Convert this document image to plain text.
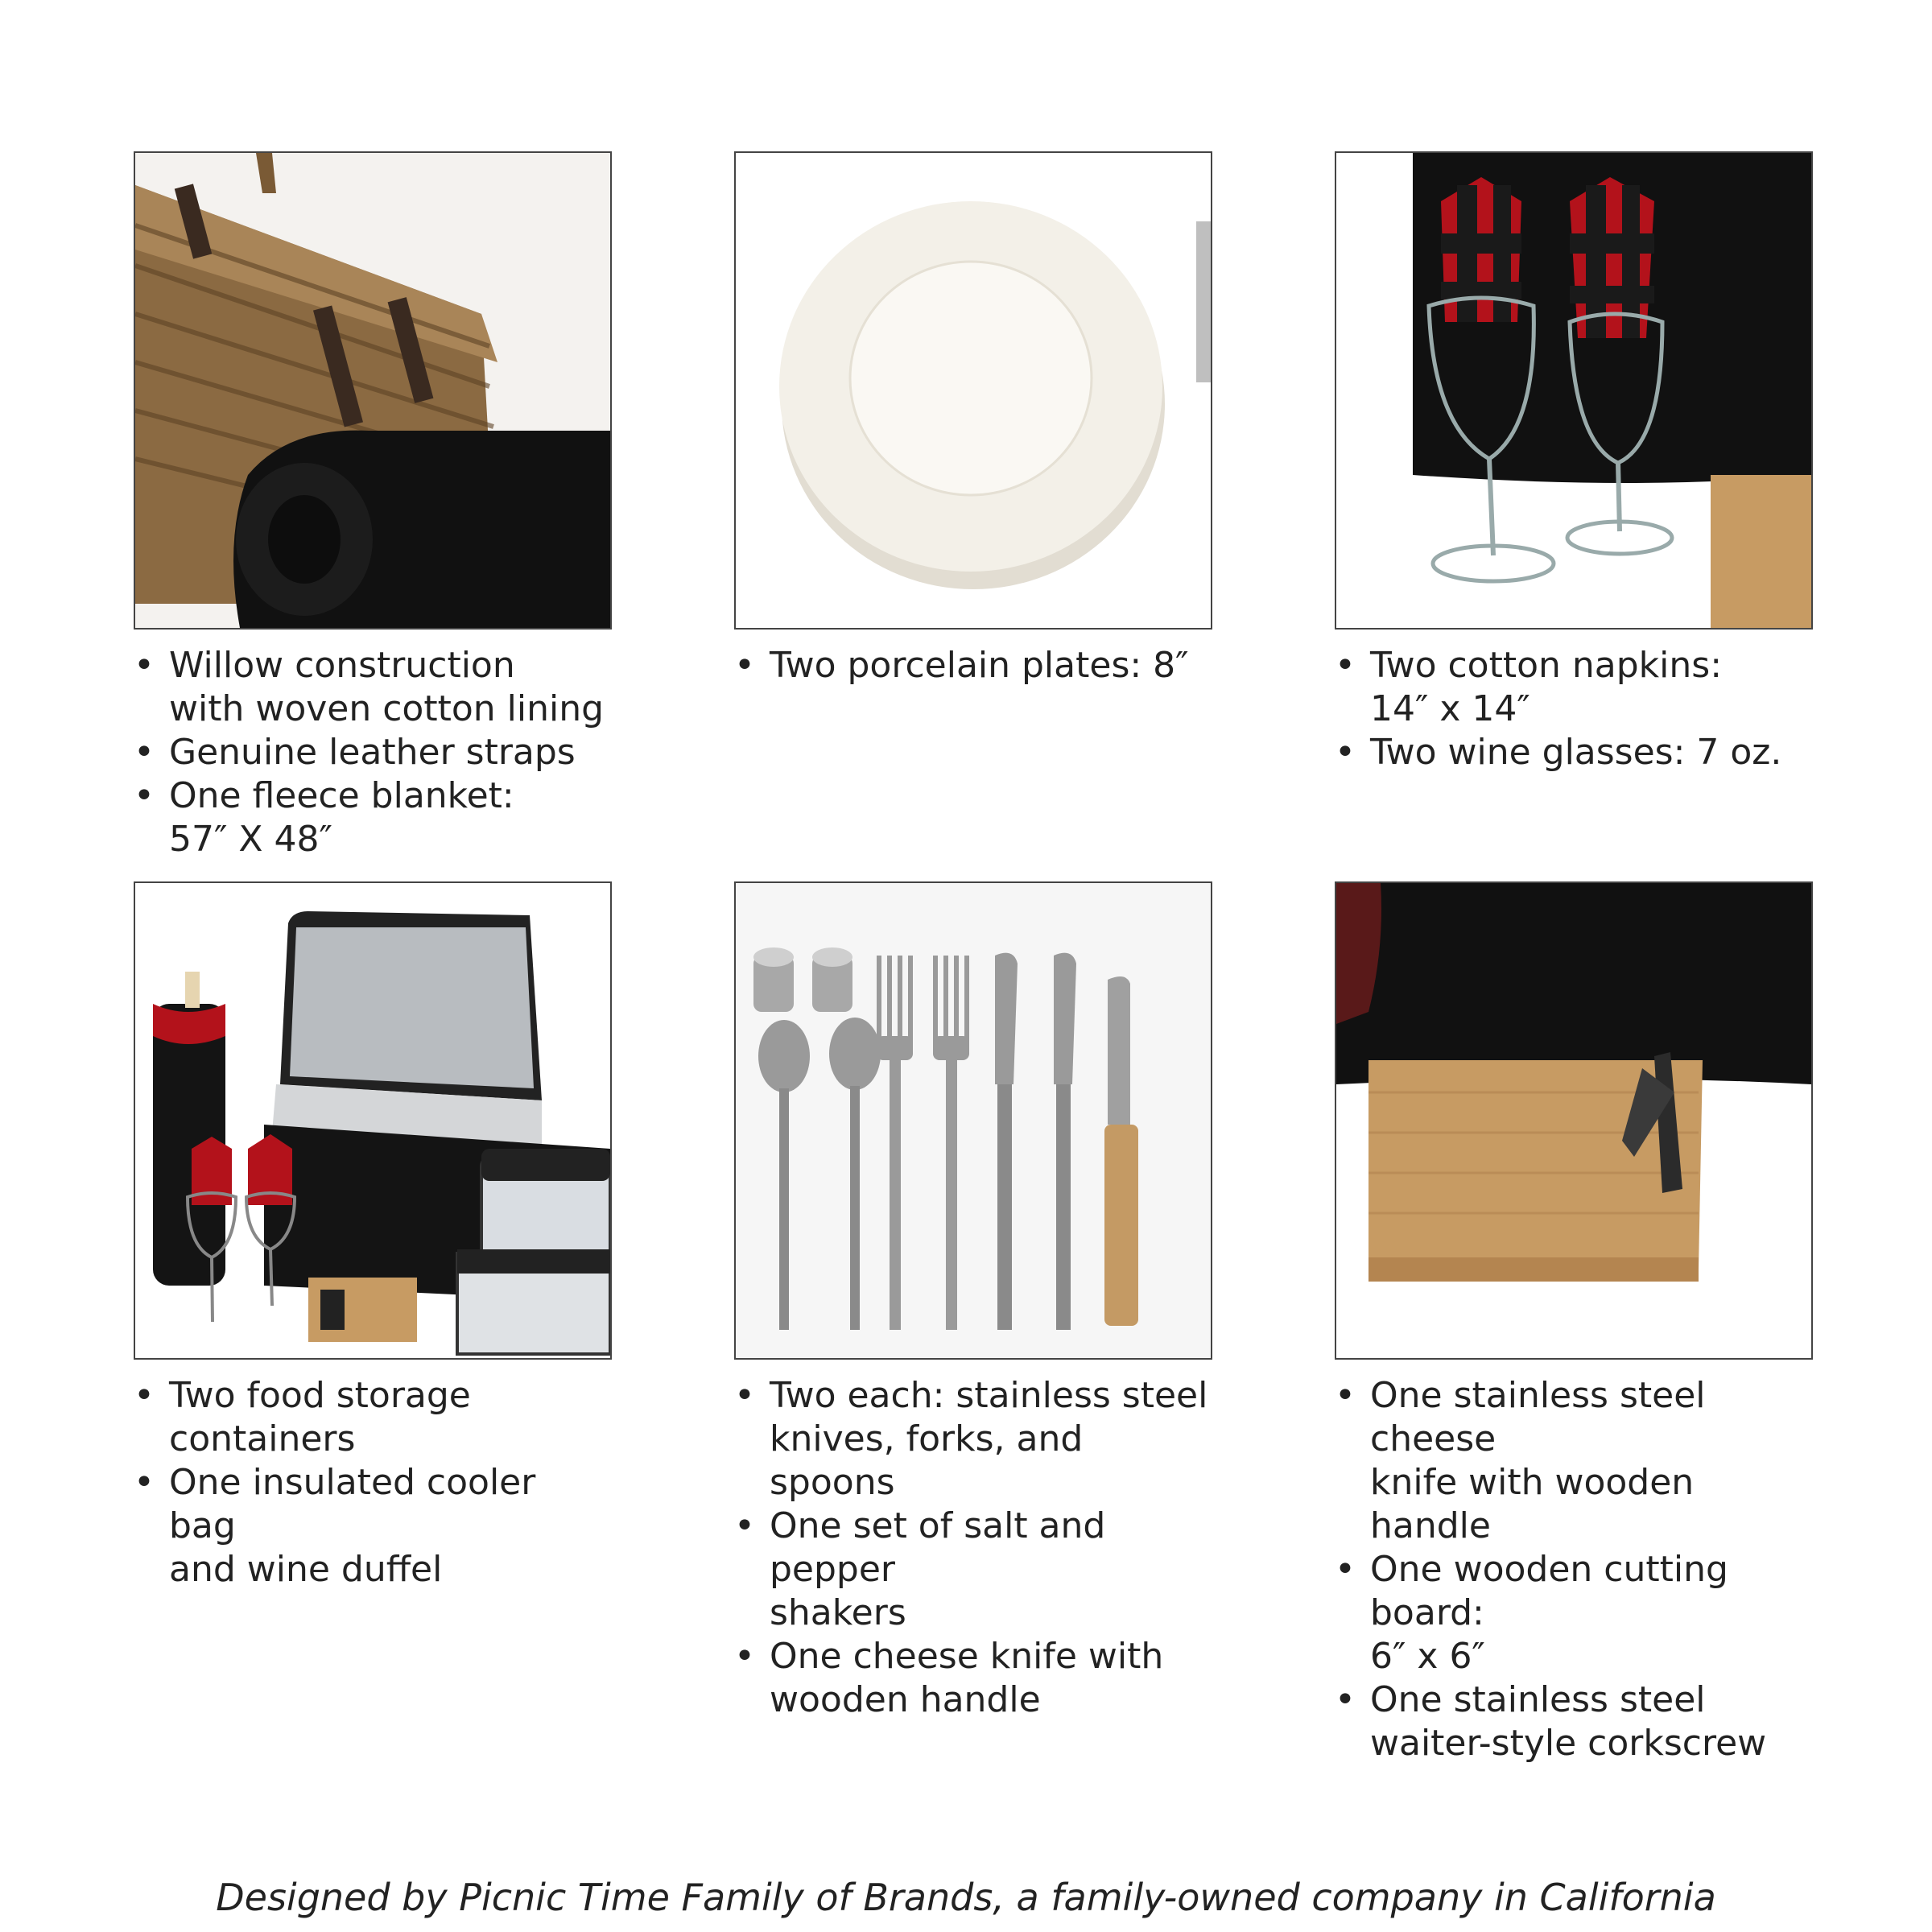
• Willow construction
with woven cotton lining
• Genuine leather straps
• One fleece blanket:
57″ X 48″
• Two porcelain plates: 8″
•	Two cotton napkins:
14″ x 14″
• Two wine glasses: 7 oz.
• Two food storage containers
• One insulated cooler bag
and wine duffel
• Two each: stainless steel
knives, forks, and spoons
• One set of salt and pepper
shakers
• One cheese knife with
wooden handle
• One stainless steel cheese
knife with wooden handle
• One wooden cutting board:
6″ x 6″
• One stainless steel
waiter-style corkscrew
Designed by Picnic Time Family of Brands, a family-owned company in California
